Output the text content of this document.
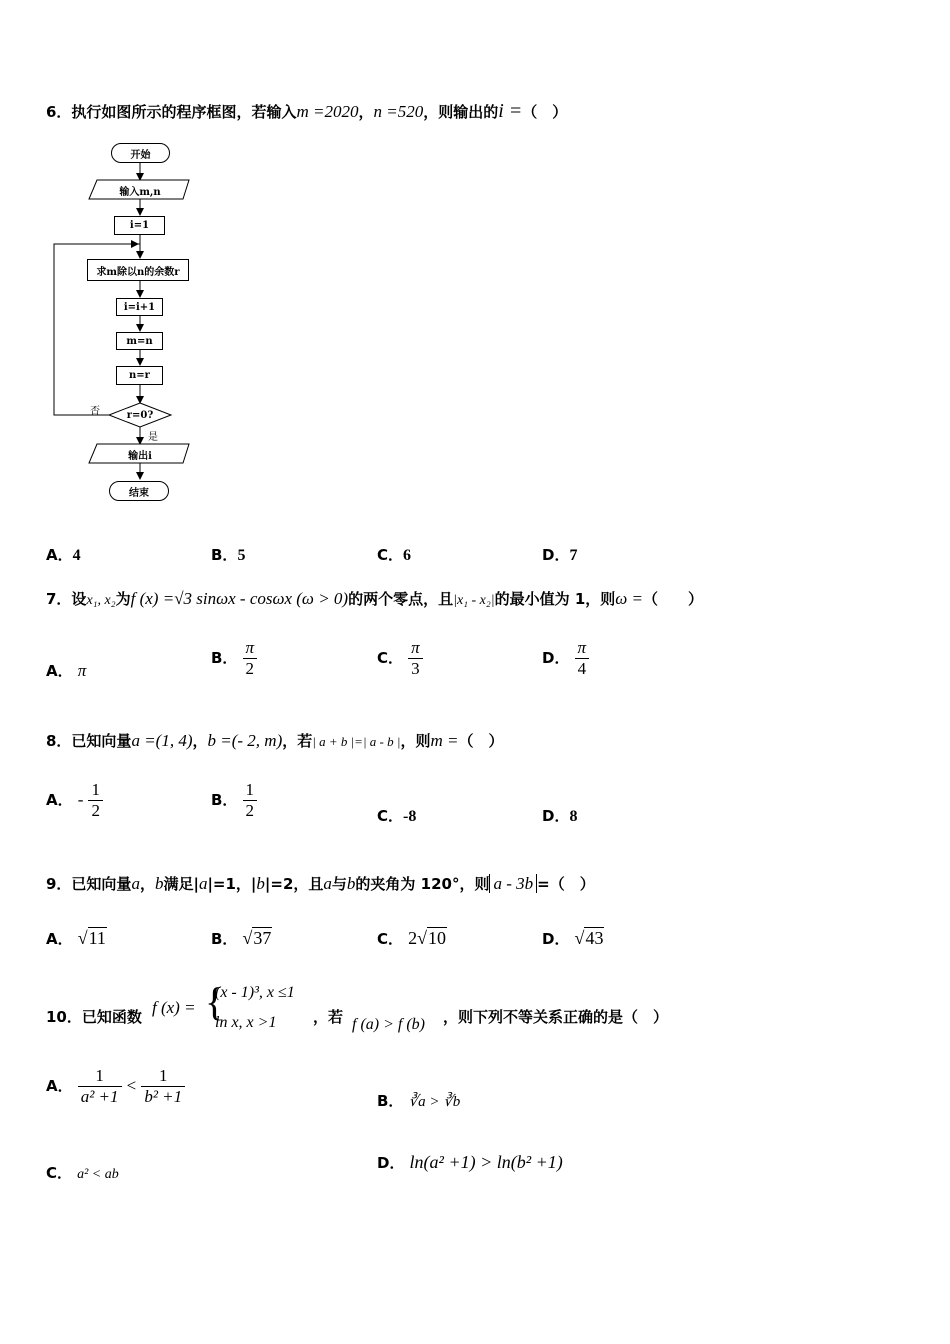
6．执行如图所示的程序框图，若输入m =2020，n =520，则输出的i =（　）
开始
输入m,n
i=1
求m除以n的余数r
i=i+1
m=n
n=r
r=0?
否
是
输出i
结束
A．4	B．5	C．6	D．7
7．设x₁, x₂为f (x) =√3 sinωx - cosωx (ω > 0)的两个零点，且|x₁ - x₂|的最小值为 1，则ω =（　　）
A． π
B． $\frac{\pi}{2}$	C． $\frac{\pi}{3}$	D． $\frac{\pi}{4}$
8．已知向量a =(1, 4)，b =(- 2, m)，若| a + b |=| a - b |，则m =（　）
A． - $\frac{1}{2}$	B． $\frac{1}{2}$	C．-8	D．8
9．已知向量a，b满足|a|=1，|b|=2，且a与b的夹角为 120°，则 a - 3b =（　）
A． √11	B． √37	C． 2√10	D． √43
10．已知函数 f (x) = {
(x - 1)³, x ≤1
ln x, x >1 ，若 f (a) > f (b) ，则下列不等关系正确的是（　）
A． $\frac{1}{\text{a² +1}} < \frac{1}{\text{b² +1}}$	B． ∛a > ∛b
C． a² < ab
D． ln(a² +1) > ln(b² +1)
